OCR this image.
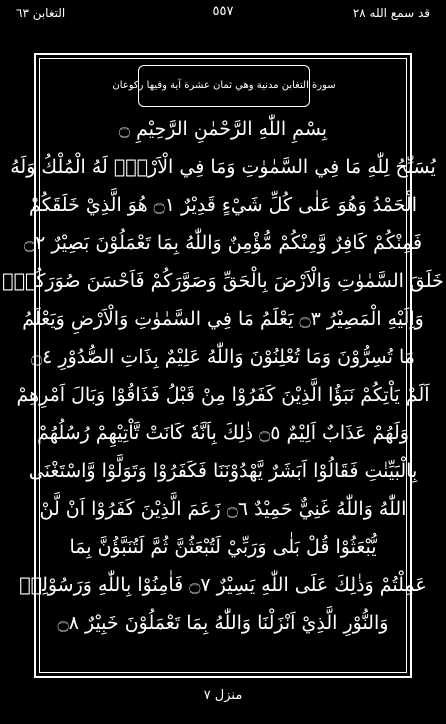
قد سمع الله ٢٨
٥٥٧
التغابن ٦٣
سورة التغابن مدنية وهي ثمان عشرة آية وفيها ركوعان
بِسْمِ اللّٰهِ الرَّحْمٰنِ الرَّحِيْمِ ۝
يُسَبِّحُ لِلّٰهِ مَا فِي السَّمٰوٰتِ وَمَا فِي الْاَرْضِۚ لَهُ الْمُلْكُ وَلَهُ
الْحَمْدُ وَهُوَ عَلٰى كُلِّ شَيْءٍ قَدِيْرٌ ۝١ هُوَ الَّذِيْ خَلَقَكُمْ
فَمِنْكُمْ كَافِرٌ وَّمِنْكُمْ مُّؤْمِنٌ وَاللّٰهُ بِمَا تَعْمَلُوْنَ بَصِيْرٌ ۝٢
خَلَقَ السَّمٰوٰتِ وَالْاَرْضَ بِالْحَقِّ وَصَوَّرَكُمْ فَاَحْسَنَ صُوَرَكُمْۚ
وَاِلَيْهِ الْمَصِيْرُ ۝٣ يَعْلَمُ مَا فِي السَّمٰوٰتِ وَالْاَرْضِ وَيَعْلَمُ
مَا تُسِرُّوْنَ وَمَا تُعْلِنُوْنَ وَاللّٰهُ عَلِيْمٌ بِذَاتِ الصُّدُوْرِ ۝٤
اَلَمْ يَاْتِكُمْ نَبَؤُا الَّذِيْنَ كَفَرُوْا مِنْ قَبْلُ فَذَاقُوْا وَبَالَ اَمْرِهِمْ
وَلَهُمْ عَذَابٌ اَلِيْمٌ ۝٥ ذٰلِكَ بِاَنَّهٗ كَانَتْ تَّاْتِيْهِمْ رُسُلُهُمْ
بِالْبَيِّنٰتِ فَقَالُوْا اَبَشَرٌ يَّهْدُوْنَنَا فَكَفَرُوْا وَتَوَلَّوْا وَّاسْتَغْنَى
اللّٰهُ وَاللّٰهُ غَنِيٌّ حَمِيْدٌ ۝٦ زَعَمَ الَّذِيْنَ كَفَرُوْا اَنْ لَّنْ
يُّبْعَثُوْا قُلْ بَلٰى وَرَبِّيْ لَتُبْعَثُنَّ ثُمَّ لَتُنَبَّؤُنَّ بِمَا
عَمِلْتُمْ وَذٰلِكَ عَلَى اللّٰهِ يَسِيْرٌ ۝٧ فَاٰمِنُوْا بِاللّٰهِ وَرَسُوْلِهٖ
وَالنُّوْرِ الَّذِيْ اَنْزَلْنَا وَاللّٰهُ بِمَا تَعْمَلُوْنَ خَبِيْرٌ ۝٨
منزل ٧
